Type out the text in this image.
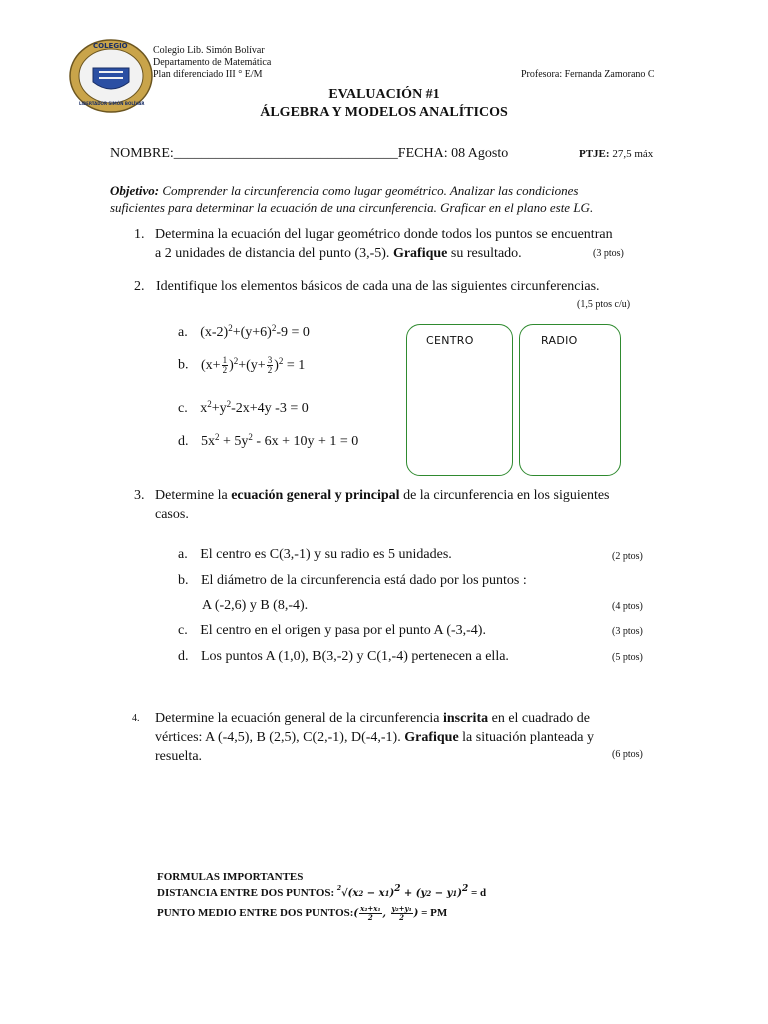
COLEGIO
LIBERTADOR SIMÓN BOLÍVAR
Colegio Lib. Simón Bolívar
Departamento de Matemática
Plan diferenciado III ° E/M	Profesora: Fernanda Zamorano C
EVALUACIÓN #1
ÁLGEBRA Y MODELOS ANALÍTICOS
NOMBRE:________________________________FECHA: 08 Agosto	PTJE: 27,5 máx
Objetivo: Comprender la circunferencia como lugar geométrico. Analizar las condiciones
suficientes para determinar la ecuación de una circunferencia. Graficar en el plano este LG.
1. Determina la ecuación del lugar geométrico donde todos los puntos se encuentran
a 2 unidades de distancia del punto (3,-5). Grafique su resultado.	(3 ptos)
2. Identifique los elementos básicos de cada una de las siguientes circunferencias.
(1,5 ptos c/u)
a. $(x-2)^2+(y+6)^2-9 = 0$
b. $(x+ \frac{1}{2} )^2+(y+ \frac{3}{2} )^2 = 1$
c. $x^2+y^2-2x+4y$ -3 = 0
d. $5x^2 + 5y^2 - 6x + 10y + 1 = 0$
CENTRO	RADIO
3. Determine la ecuación general y principal de la circunferencia en los siguientes
casos.
a. El centro es C(3,-1) y su radio es 5 unidades.	(2 ptos)
b. El diámetro de la circunferencia está dado por los puntos :
A (-2,6) y B (8,-4).	(4 ptos)
c. El centro en el origen y pasa por el punto A (-3,-4).	(3 ptos)
d. Los puntos A (1,0), B(3,-2) y C(1,-4) pertenecen a ella.	(5 ptos)
4. Determine la ecuación general de la circunferencia inscrita en el cuadrado de
vértices: A (-4,5), B (2,5), C(2,-1), D(-4,-1). Grafique la situación planteada y
resuelta.	(6 ptos)
FORMULAS IMPORTANTES
DISTANCIA ENTRE DOS PUNTOS: $^2√(x2 - x1)^2 + (y2 - y1)^2 = d$
PUNTO MEDIO ENTRE DOS PUNTOS:( $\frac{\text{x₂+x₁}}{2}$ , $\frac{\text{y₂+y₁}}{2}$ ) = PM
